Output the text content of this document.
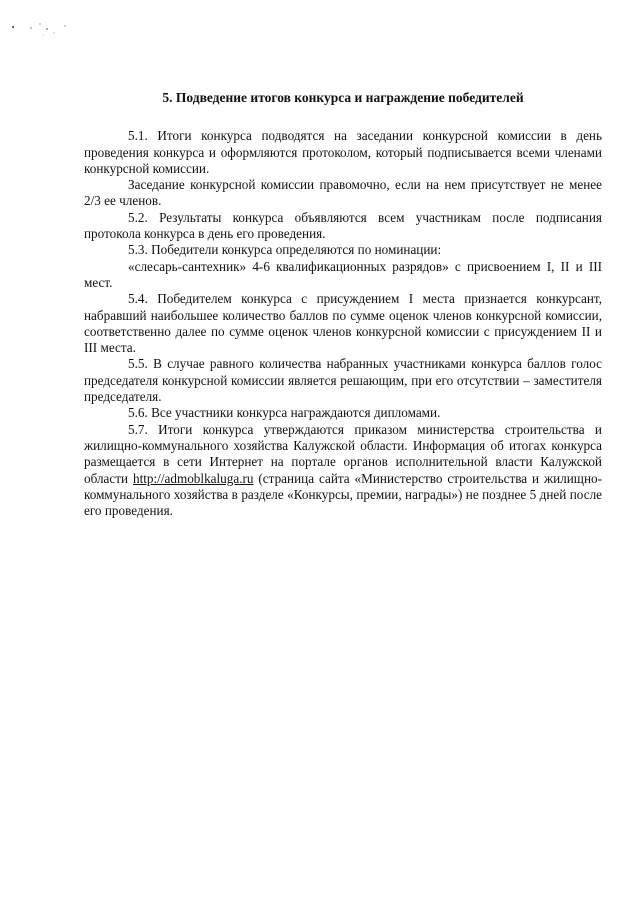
5. Подведение итогов конкурса и награждение победителей

5.1. Итоги конкурса подводятся на заседании конкурсной комиссии в день проведения конкурса и оформляются протоколом, который подписывается всеми членами конкурсной комиссии.

Заседание конкурсной комиссии правомочно, если на нем присутствует не менее 2/3 ее членов.

5.2. Результаты конкурса объявляются всем участникам после подписания протокола конкурса в день его проведения.

5.3. Победители конкурса определяются по номинации:

«слесарь-сантехник» 4-6 квалификационных разрядов» с присвоением I, II и III мест.

5.4. Победителем конкурса с присуждением I места признается конкурсант, набравший наибольшее количество баллов по сумме оценок членов конкурсной комиссии, соответственно далее по сумме оценок членов конкурсной комиссии с присуждением II и III места.

5.5. В случае равного количества набранных участниками конкурса баллов голос председателя конкурсной комиссии является решающим, при его отсутствии – заместителя председателя.

5.6. Все участники конкурса награждаются дипломами.

5.7. Итоги конкурса утверждаются приказом министерства строительства и жилищно-коммунального хозяйства Калужской области. Информация об итогах конкурса размещается в сети Интернет на портале органов исполнительной власти Калужской области http://admoblkaluga.ru (страница сайта «Министерство строительства и жилищно-коммунального хозяйства в разделе «Конкурсы, премии, награды») не позднее 5 дней после его проведения.
